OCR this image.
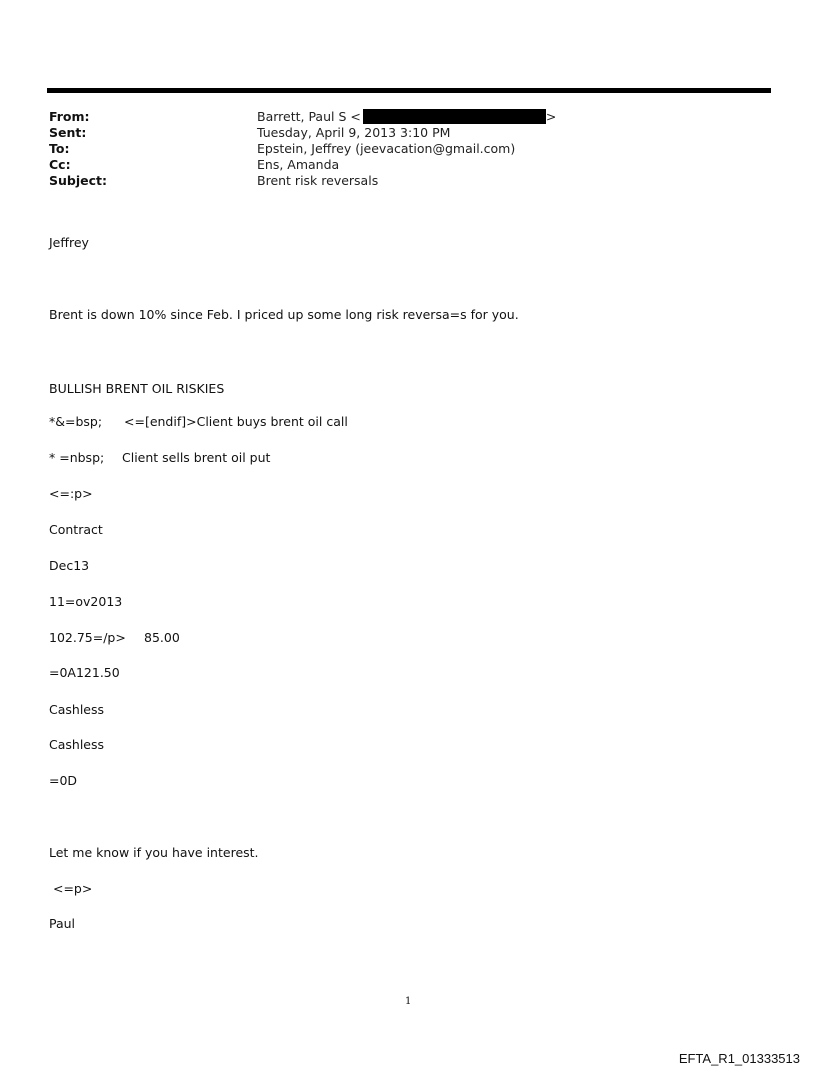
From:	Barrett, Paul S <	>
Sent:	Tuesday, April 9, 2013 3:10 PM
To:	Epstein, Jeffrey (jeevacation@gmail.com)
Cc:	Ens, Amanda
Subject:	Brent risk reversals
Jeffrey
Brent is down 10% since Feb. I priced up some long risk reversa=s for you.
BULLISH BRENT OIL RISKIES
*&=bsp; <=[endif]>Client buys brent oil call
* =nbsp; Client sells brent oil put
<=:p>
Contract
Dec13
11=ov2013
102.75=/p> 85.00
=0A121.50
Cashless
Cashless
=0D
Let me know if you have interest.
<=p>
Paul
1
EFTA_R1_01333513
